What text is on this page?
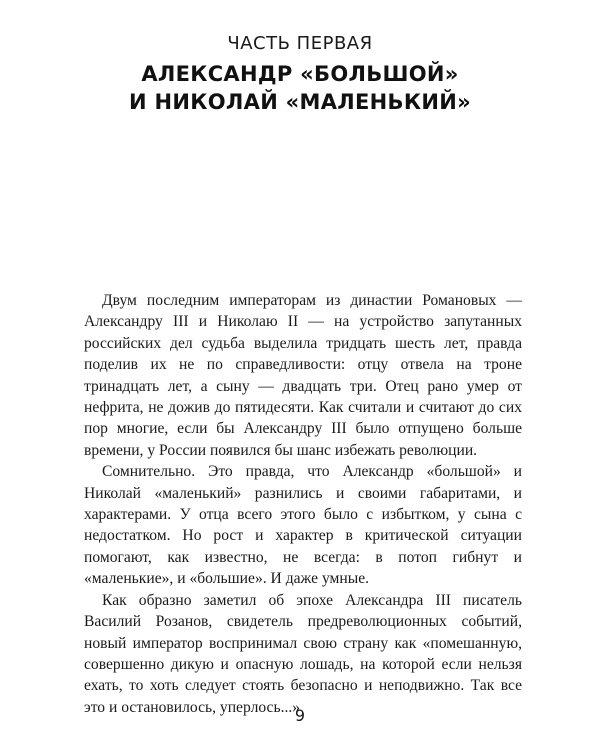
ЧАСТЬ ПЕРВАЯ
АЛЕКСАНДР «БОЛЬШОЙ»
И НИКОЛАЙ «МАЛЕНЬКИЙ»

Двум последним императорам из династии Романовых — Александру III и Николаю II — на устройство запутанных российских дел судьба выделила тридцать шесть лет, правда поделив их не по справедливости: отцу отвела на троне тринадцать лет, а сыну — двадцать три. Отец рано умер от нефрита, не дожив до пятидесяти. Как считали и считают до сих пор многие, если бы Александру III было отпущено больше времени, у России появился бы шанс избежать революции.

Сомнительно. Это правда, что Александр «большой» и Николай «маленький» разнились и своими габаритами, и характерами. У отца всего этого было с избытком, у сына с недостатком. Но рост и характер в критической ситуации помогают, как известно, не всегда: в потоп гибнут и «маленькие», и «большие». И даже умные.

Как образно заметил об эпохе Александра III писатель Василий Розанов, свидетель предреволюционных событий, новый император воспринимал свою страну как «помешанную, совершенно дикую и опасную лошадь, на которой если нельзя ехать, то хоть следует стоять безопасно и неподвижно. Так все это и остановилось, уперлось...»

9
